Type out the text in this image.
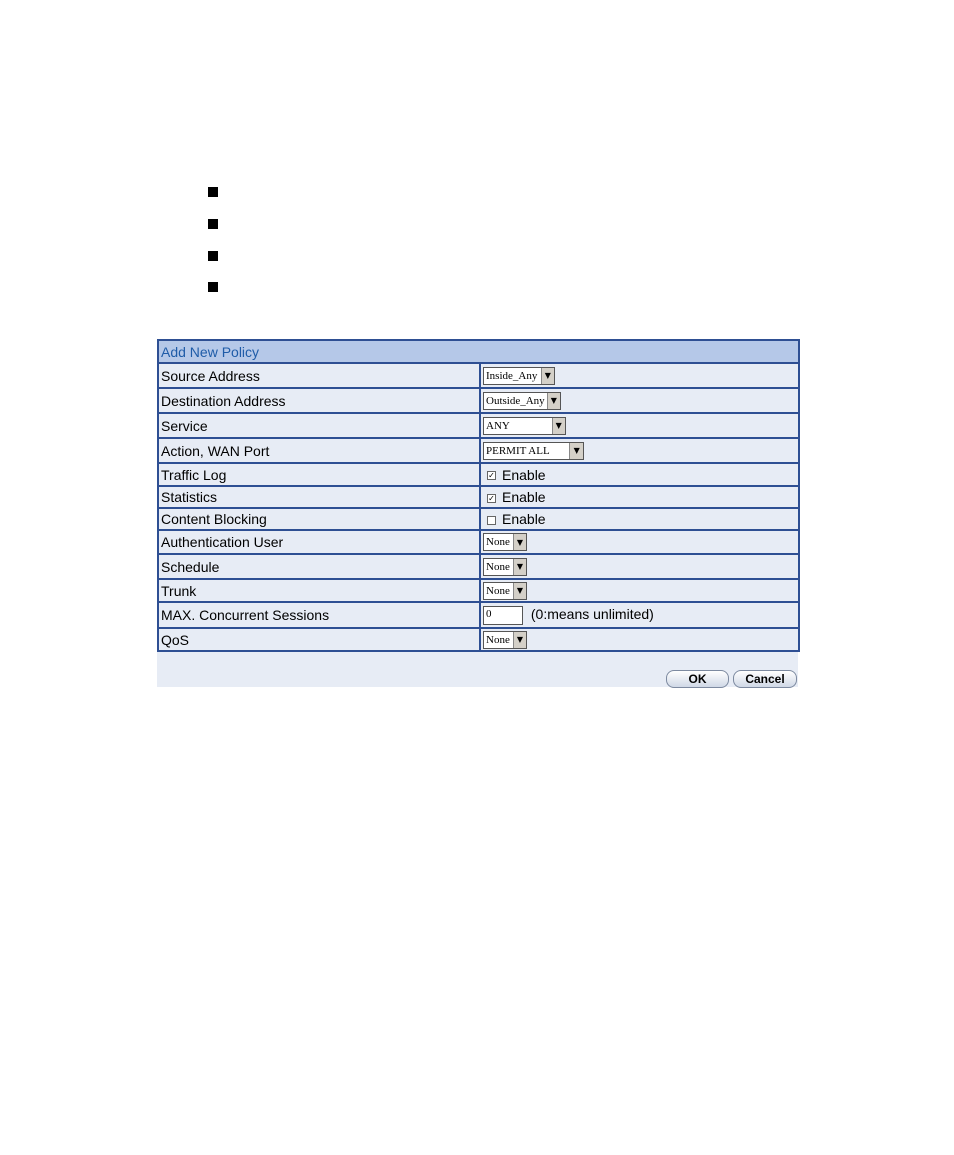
Add New Policy	
Source Address	Inside_Any ▼

Destination Address	Outside_Any ▼

Service	ANY ▼

Action, WAN Port	PERMIT ALL ▼

Traffic Log	✓ Enable
Statistics	✓ Enable
Content Blocking	Enable
Authentication User	None ▼

Schedule	None ▼

Trunk	None ▼

MAX. Concurrent Sessions	0 (0:means unlimited)
QoS	None ▼
OK	Cancel
